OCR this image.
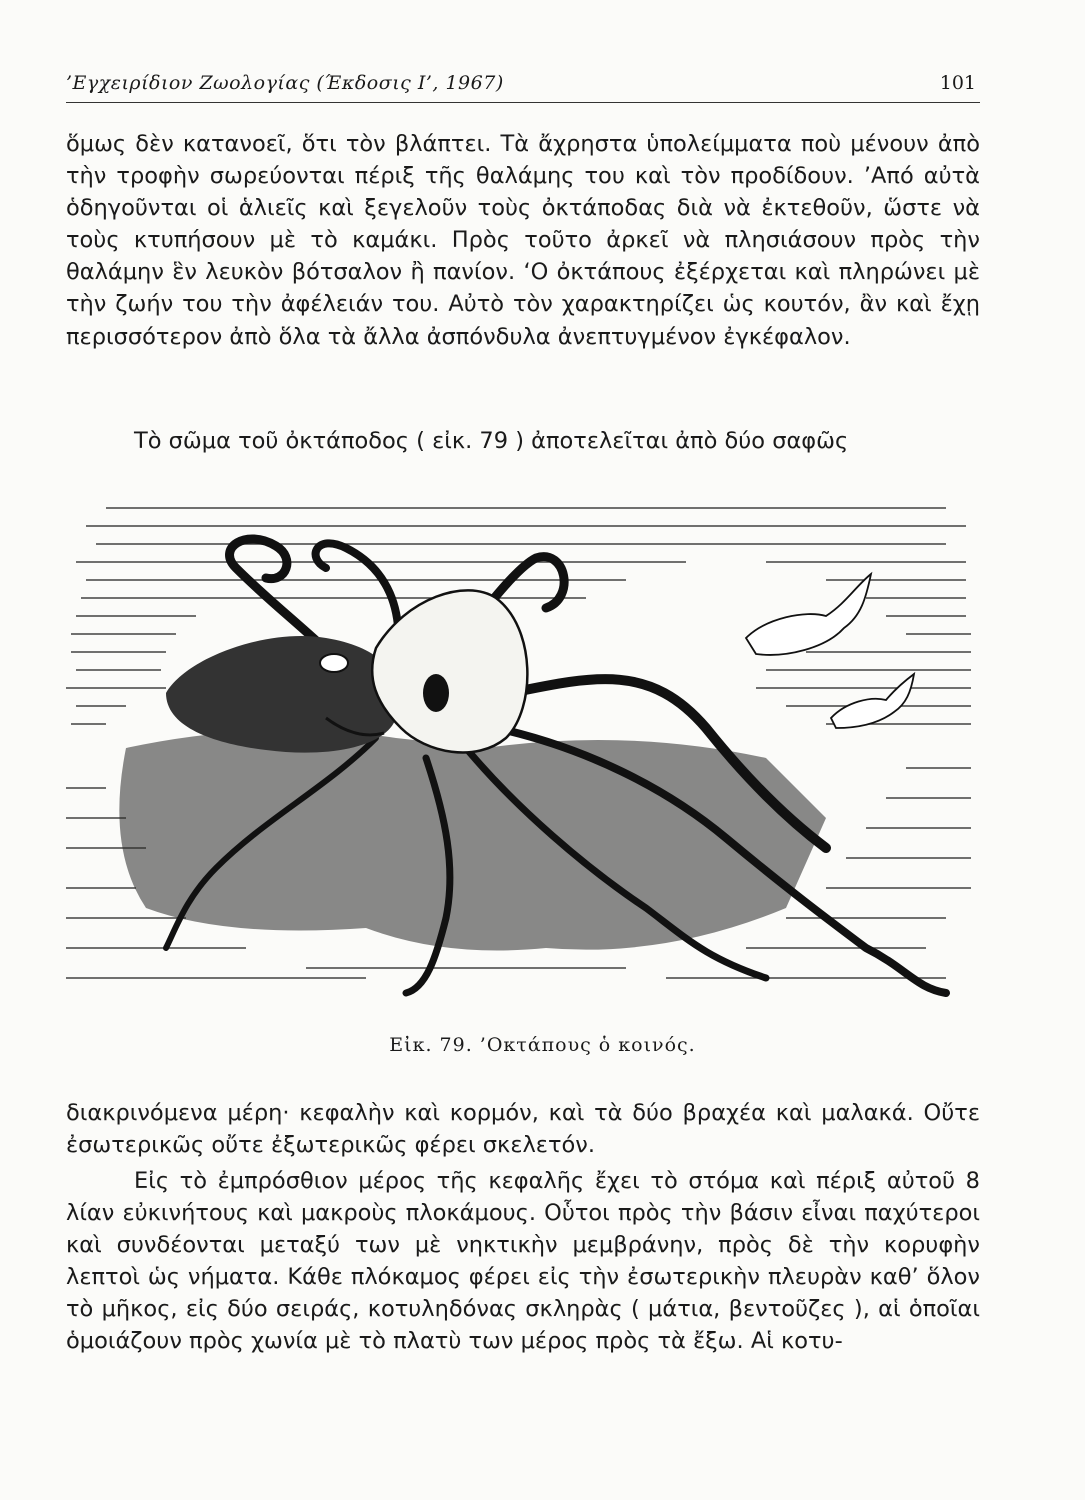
’Εγχειρίδιον Ζωολογίας (Έκδοσις Ι’, 1967)	101

ὅμως δὲν κατανοεῖ, ὅτι τὸν βλάπτει. Τὰ ἄχρηστα ὑπολείμματα ποὺ μένουν ἀπὸ τὴν τροφὴν σωρεύονται πέριξ τῆς θαλάμης του καὶ τὸν προδίδουν. ’Από αὐτὰ ὁδηγοῦνται οἱ ἁλιεῖς καὶ ξεγελοῦν τοὺς ὀκτάποδας διὰ νὰ ἐκτεθοῦν, ὥστε νὰ τοὺς κτυπήσουν μὲ τὸ καμάκι. Πρὸς τοῦτο ἀρκεῖ νὰ πλησιάσουν πρὸς τὴν θαλάμην ἓν λευκὸν βότσαλον ἢ πανίον. ‘Ο ὀκτάπους ἐξέρχεται καὶ πληρώνει μὲ τὴν ζωήν του τὴν ἀφέλειάν του. Αὐτὸ τὸν χαρακτηρίζει ὡς κουτόν, ἂν καὶ ἔχῃ περισσότερον ἀπὸ ὅλα τὰ ἄλλα ἀσπόνδυλα ἀνεπτυγμένον ἐγκέφαλον.

Τὸ σῶμα τοῦ ὀκτάποδος ( εἰκ. 79 ) ἀποτελεῖται ἀπὸ δύο σαφῶς

Εἰκ. 79. ’Οκτάπους ὁ κοινός.

διακρινόμενα μέρη· κεφαλὴν καὶ κορμόν, καὶ τὰ δύο βραχέα καὶ μαλακά. Οὔτε ἐσωτερικῶς οὔτε ἐξωτερικῶς φέρει σκελετόν.

Εἰς τὸ ἐμπρόσθιον μέρος τῆς κεφαλῆς ἔχει τὸ στόμα καὶ πέριξ αὐτοῦ 8 λίαν εὐκινήτους καὶ μακροὺς πλοκάμους. Οὗτοι πρὸς τὴν βάσιν εἶναι παχύτεροι καὶ συνδέονται μεταξύ των μὲ νηκτικὴν μεμβράνην, πρὸς δὲ τὴν κορυφὴν λεπτοὶ ὡς νήματα. Κάθε πλόκαμος φέρει εἰς τὴν ἐσωτερικὴν πλευρὰν καθ’ ὅλον τὸ μῆκος, εἰς δύο σειράς, κοτυληδόνας σκληρὰς ( μάτια, βεντοῦζες ), αἱ ὁποῖαι ὁμοιάζουν πρὸς χωνία μὲ τὸ πλατὺ των μέρος πρὸς τὰ ἔξω. Αἱ κοτυ-
